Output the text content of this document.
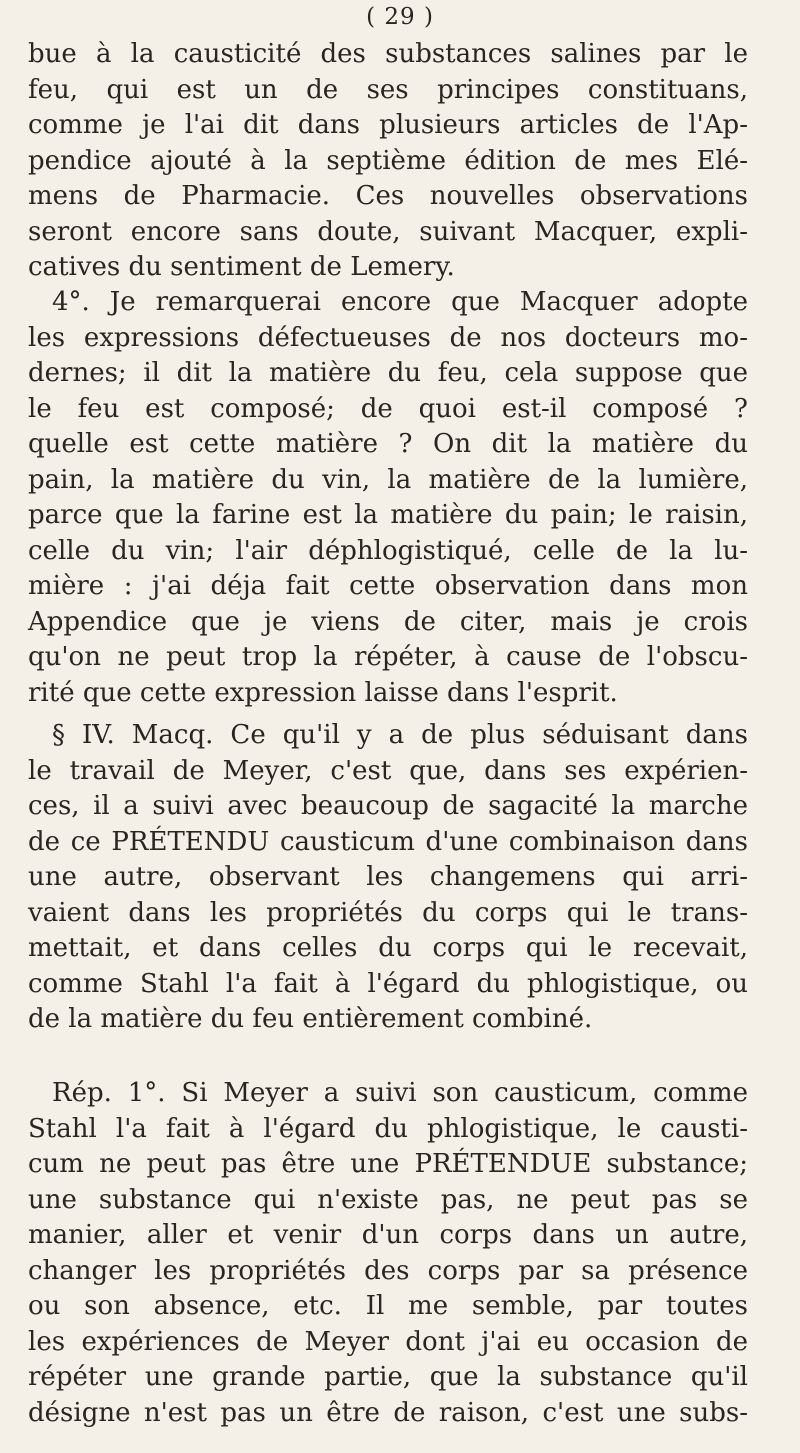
( 29 )
bue à la causticité des substances salines par le
feu, qui est un de ses principes constituans,
comme je l'ai dit dans plusieurs articles de l'Ap-
pendice ajouté à la septième édition de mes Elé-
mens de Pharmacie. Ces nouvelles observations
seront encore sans doute, suivant Macquer, expli-
catives du sentiment de Lemery.
4°. Je remarquerai encore que Macquer adopte
les expressions défectueuses de nos docteurs mo-
dernes; il dit la matière du feu, cela suppose que
le feu est composé; de quoi est-il composé ?
quelle est cette matière ? On dit la matière du
pain, la matière du vin, la matière de la lumière,
parce que la farine est la matière du pain; le raisin,
celle du vin; l'air déphlogistiqué, celle de la lu-
mière : j'ai déja fait cette observation dans mon
Appendice que je viens de citer, mais je crois
qu'on ne peut trop la répéter, à cause de l'obscu-
rité que cette expression laisse dans l'esprit.
§ IV. Macq. Ce qu'il y a de plus séduisant dans
le travail de Meyer, c'est que, dans ses expérien-
ces, il a suivi avec beaucoup de sagacité la marche
de ce PRÉTENDU causticum d'une combinaison dans
une autre, observant les changemens qui arri-
vaient dans les propriétés du corps qui le trans-
mettait, et dans celles du corps qui le recevait,
comme Stahl l'a fait à l'égard du phlogistique, ou
de la matière du feu entièrement combiné.
Rép. 1°. Si Meyer a suivi son causticum, comme
Stahl l'a fait à l'égard du phlogistique, le causti-
cum ne peut pas être une PRÉTENDUE substance;
une substance qui n'existe pas, ne peut pas se
manier, aller et venir d'un corps dans un autre,
changer les propriétés des corps par sa présence
ou son absence, etc. Il me semble, par toutes
les expériences de Meyer dont j'ai eu occasion de
répéter une grande partie, que la substance qu'il
désigne n'est pas un être de raison, c'est une subs-
